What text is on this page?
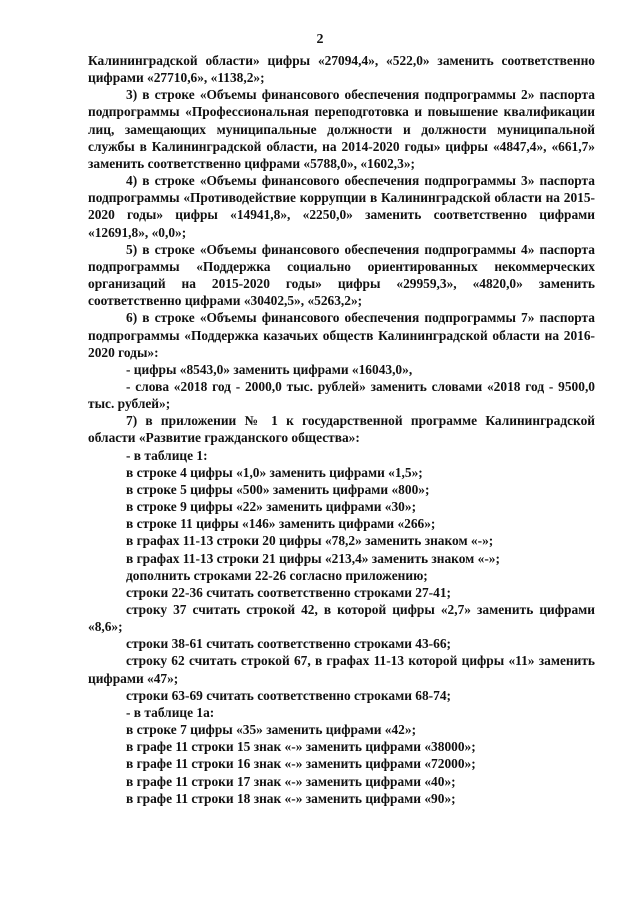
2

Калининградской области» цифры «27094,4», «522,0» заменить соответственно цифрами «27710,6», «1138,2»;

3) в строке «Объемы финансового обеспечения подпрограммы 2» паспорта подпрограммы «Профессиональная переподготовка и повышение квалификации лиц, замещающих муниципальные должности и должности муниципальной службы в Калининградской области, на 2014-2020 годы» цифры «4847,4», «661,7» заменить соответственно цифрами «5788,0», «1602,3»;

4) в строке «Объемы финансового обеспечения подпрограммы 3» паспорта подпрограммы «Противодействие коррупции в Калининградской области на 2015-2020 годы» цифры «14941,8», «2250,0» заменить соответственно цифрами «12691,8», «0,0»;

5) в строке «Объемы финансового обеспечения подпрограммы 4» паспорта подпрограммы «Поддержка социально ориентированных некоммерческих организаций на 2015-2020 годы» цифры «29959,3», «4820,0» заменить соответственно цифрами «30402,5», «5263,2»;

6) в строке «Объемы финансового обеспечения подпрограммы 7» паспорта подпрограммы «Поддержка казачьих обществ Калининградской области на 2016-2020 годы»:

- цифры «8543,0» заменить цифрами «16043,0»,

- слова «2018 год - 2000,0 тыс. рублей» заменить словами «2018 год - 9500,0 тыс. рублей»;

7) в приложении № 1 к государственной программе Калининградской области «Развитие гражданского общества»:

- в таблице 1:

в строке 4 цифры «1,0» заменить цифрами «1,5»;

в строке 5 цифры «500» заменить цифрами «800»;

в строке 9 цифры «22» заменить цифрами «30»;

в строке 11 цифры «146» заменить цифрами «266»;

в графах 11-13 строки 20 цифры «78,2» заменить знаком «-»;

в графах 11-13 строки 21 цифры «213,4» заменить знаком «-»;

дополнить строками 22-26 согласно приложению;

строки 22-36 считать соответственно строками 27-41;

строку 37 считать строкой 42, в которой цифры «2,7» заменить цифрами «8,6»;

строки 38-61 считать соответственно строками 43-66;

строку 62 считать строкой 67, в графах 11-13 которой цифры «11» заменить цифрами «47»;

строки 63-69 считать соответственно строками 68-74;

- в таблице 1а:

в строке 7 цифры «35» заменить цифрами «42»;

в графе 11 строки 15 знак «-» заменить цифрами «38000»;

в графе 11 строки 16 знак «-» заменить цифрами «72000»;

в графе 11 строки 17 знак «-» заменить цифрами «40»;

в графе 11 строки 18 знак «-» заменить цифрами «90»;
